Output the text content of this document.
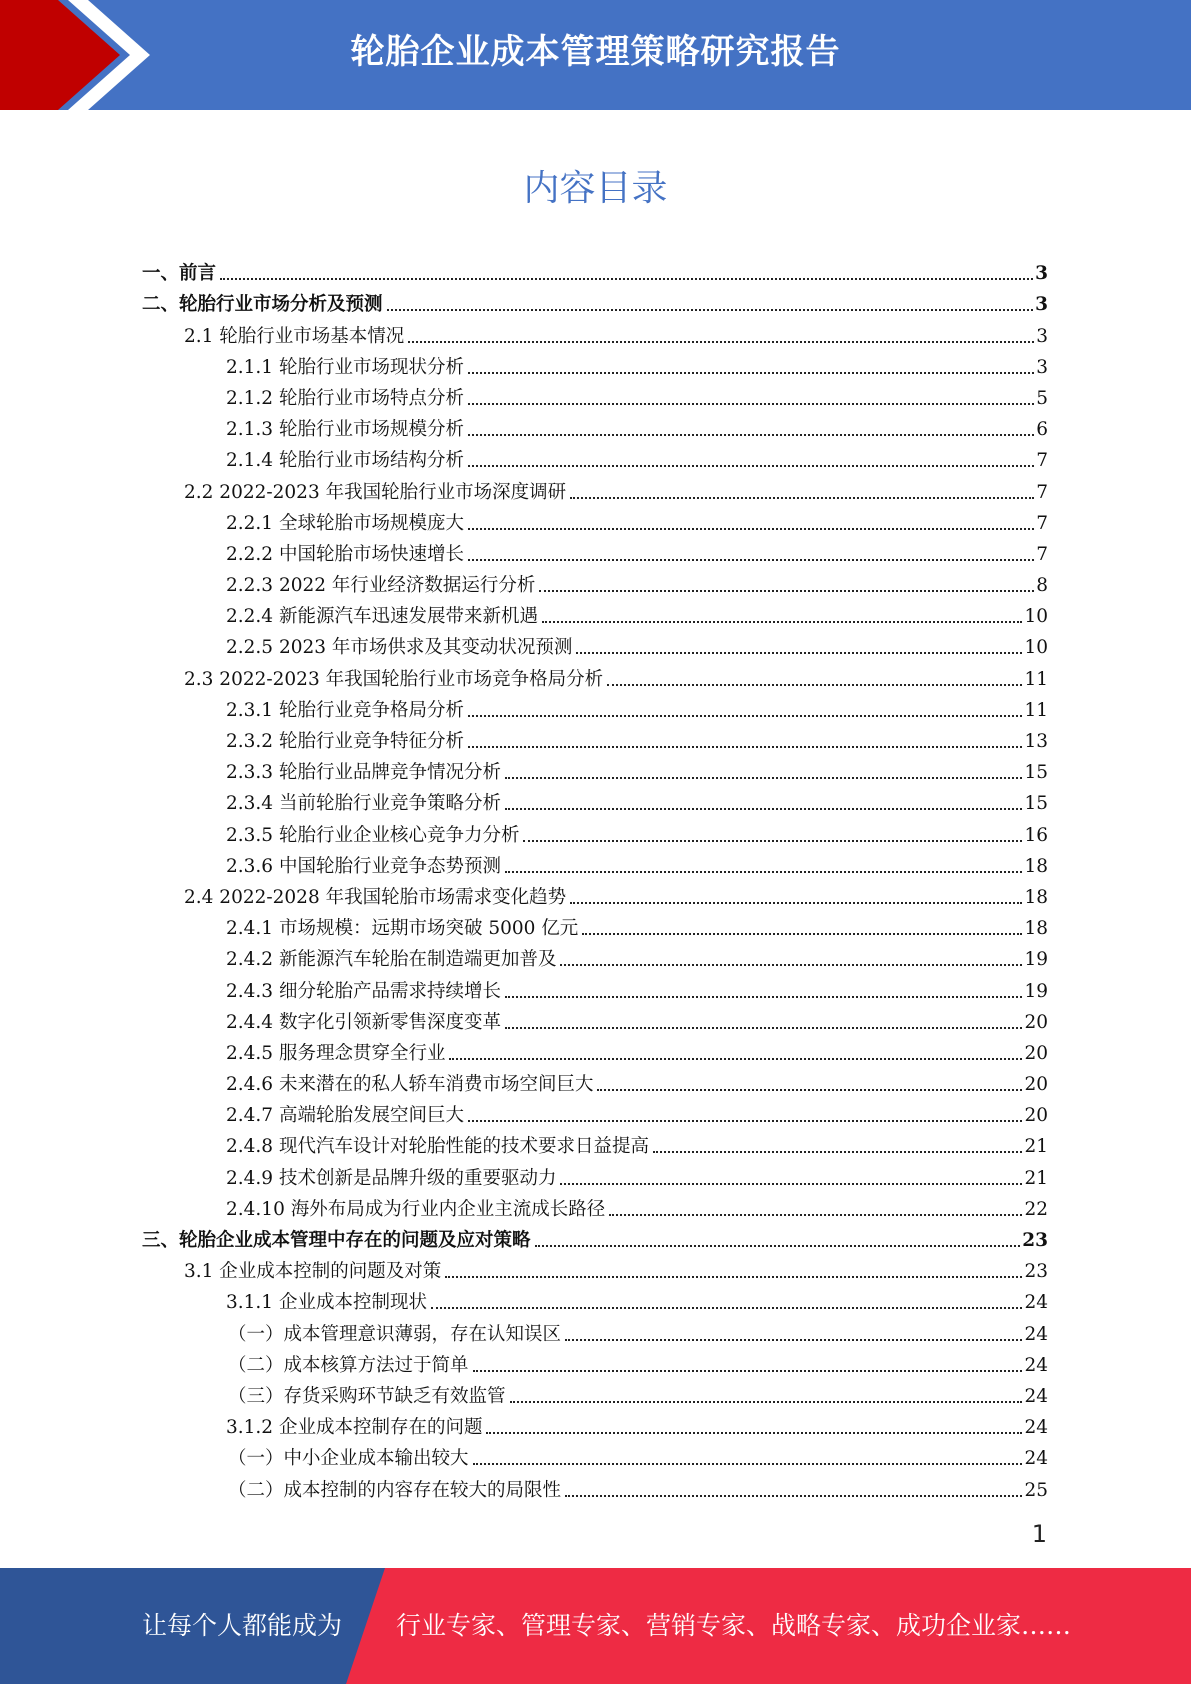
轮胎企业成本管理策略研究报告
内容目录
一、前言	3
二、轮胎行业市场分析及预测	3
2.1 轮胎行业市场基本情况	3
2.1.1 轮胎行业市场现状分析	3
2.1.2 轮胎行业市场特点分析	5
2.1.3 轮胎行业市场规模分析	6
2.1.4 轮胎行业市场结构分析	7
2.2 2022-2023 年我国轮胎行业市场深度调研	7
2.2.1 全球轮胎市场规模庞大	7
2.2.2 中国轮胎市场快速增长	7
2.2.3 2022 年行业经济数据运行分析	8
2.2.4 新能源汽车迅速发展带来新机遇	10
2.2.5 2023 年市场供求及其变动状况预测	10
2.3 2022-2023 年我国轮胎行业市场竞争格局分析	11
2.3.1 轮胎行业竞争格局分析	11
2.3.2 轮胎行业竞争特征分析	13
2.3.3 轮胎行业品牌竞争情况分析	15
2.3.4 当前轮胎行业竞争策略分析	15
2.3.5 轮胎行业企业核心竞争力分析	16
2.3.6 中国轮胎行业竞争态势预测	18
2.4 2022-2028 年我国轮胎市场需求变化趋势	18
2.4.1 市场规模：远期市场突破 5000 亿元	18
2.4.2 新能源汽车轮胎在制造端更加普及	19
2.4.3 细分轮胎产品需求持续增长	19
2.4.4 数字化引领新零售深度变革	20
2.4.5 服务理念贯穿全行业	20
2.4.6 未来潜在的私人轿车消费市场空间巨大	20
2.4.7 高端轮胎发展空间巨大	20
2.4.8 现代汽车设计对轮胎性能的技术要求日益提高	21
2.4.9 技术创新是品牌升级的重要驱动力	21
2.4.10 海外布局成为行业内企业主流成长路径	22
三、轮胎企业成本管理中存在的问题及应对策略	23
3.1 企业成本控制的问题及对策	23
3.1.1 企业成本控制现状	24
（一）成本管理意识薄弱，存在认知误区	24
（二）成本核算方法过于简单	24
（三）存货采购环节缺乏有效监管	24
3.1.2 企业成本控制存在的问题	24
（一）中小企业成本输出较大	24
（二）成本控制的内容存在较大的局限性	25
1
让每个人都能成为 行业专家、管理专家、营销专家、战略专家、成功企业家……
